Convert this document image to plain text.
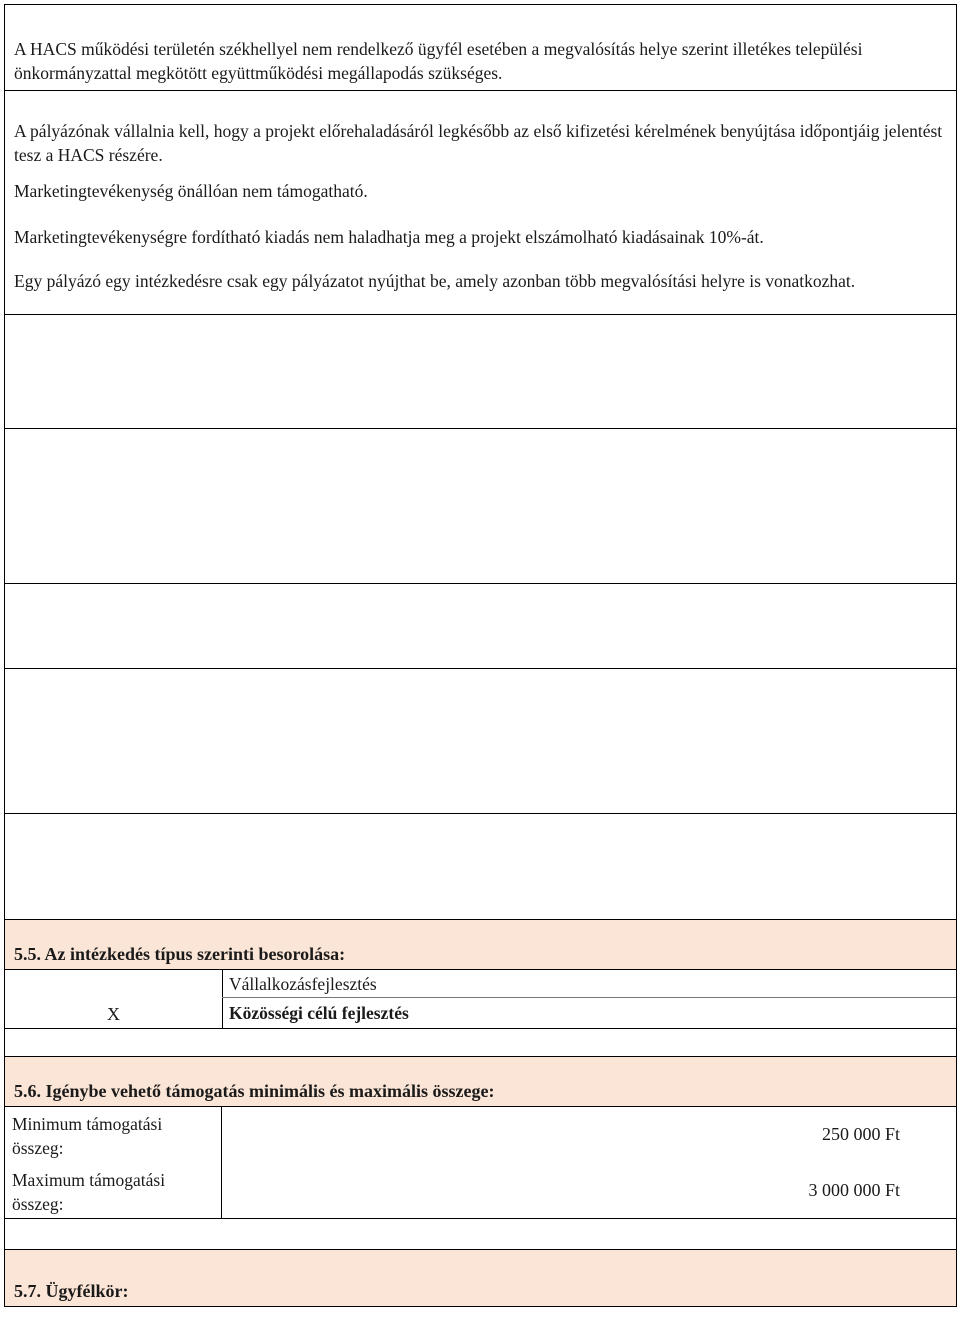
A HACS működési területén székhellyel nem rendelkező ügyfél esetében a megvalósítás helye szerint illetékes települési önkormányzattal megkötött együttműködési megállapodás szükséges.
A pályázónak vállalnia kell, hogy a projekt előrehaladásáról legkésőbb az első kifizetési kérelmének benyújtása időpontjáig jelentést tesz a HACS részére.
Marketingtevékenység önállóan nem támogatható.
Marketingtevékenységre fordítható kiadás nem haladhatja meg a projekt elszámolható kiadásainak 10%-át.
Egy pályázó egy intézkedésre csak egy pályázatot nyújthat be, amely azonban több megvalósítási helyre is vonatkozhat.
5.5. Az intézkedés típus szerinti besorolása:
X
Vállalkozásfejlesztés
Közösségi célú fejlesztés
5.6. Igénybe vehető támogatás minimális és maximális összege:
Minimum támogatási összeg:
Maximum támogatási összeg:
250 000 Ft
3 000 000 Ft
5.7. Ügyfélkör:
